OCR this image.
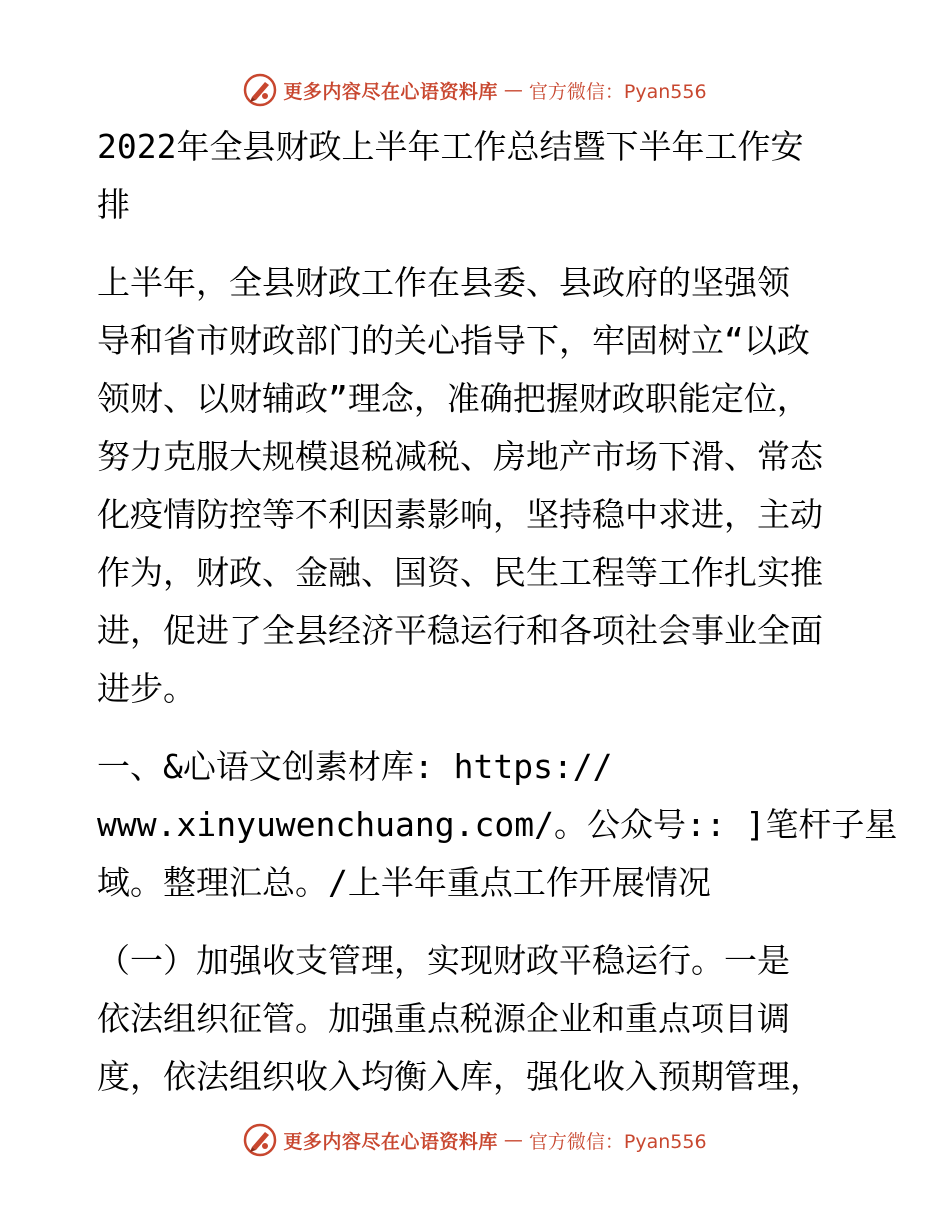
更多内容尽在心语资料库 — 官方微信：Pyan556
2022年全县财政上半年工作总结暨下半年工作安
排
上半年，全县财政工作在县委、县政府的坚强领
导和省市财政部门的关心指导下，牢固树立“以政
领财、以财辅政”理念，准确把握财政职能定位，
努力克服大规模退税减税、房地产市场下滑、常态
化疫情防控等不利因素影响，坚持稳中求进，主动
作为，财政、金融、国资、民生工程等工作扎实推
进，促进了全县经济平稳运行和各项社会事业全面
进步。
一、&心语文创素材库: https://
www.xinyuwenchuang.com/。公众号:: ]笔杆子星
域。整理汇总。/上半年重点工作开展情况
（一）加强收支管理，实现财政平稳运行。一是
依法组织征管。加强重点税源企业和重点项目调
度，依法组织收入均衡入库，强化收入预期管理，
更多内容尽在心语资料库 — 官方微信：Pyan556
